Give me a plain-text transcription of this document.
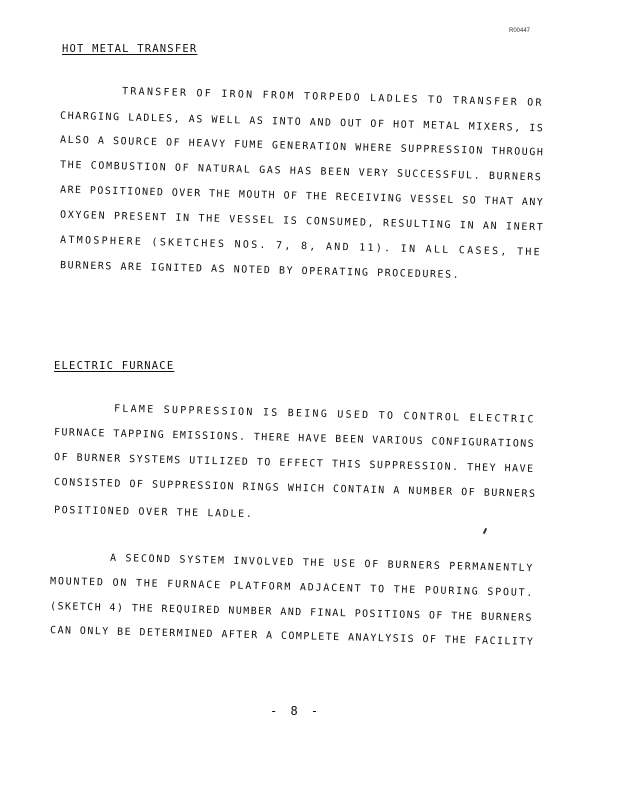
R00447
HOT METAL TRANSFER
TRANSFER OF IRON FROM TORPEDO LADLES TO TRANSFER OR
CHARGING LADLES, AS WELL AS INTO AND OUT OF HOT METAL MIXERS, IS
ALSO A SOURCE OF HEAVY FUME GENERATION WHERE SUPPRESSION THROUGH
THE COMBUSTION OF NATURAL GAS HAS BEEN VERY SUCCESSFUL. BURNERS
ARE POSITIONED OVER THE MOUTH OF THE RECEIVING VESSEL SO THAT ANY
OXYGEN PRESENT IN THE VESSEL IS CONSUMED, RESULTING IN AN INERT
ATMOSPHERE (SKETCHES NOS. 7, 8, AND 11). IN ALL CASES, THE
BURNERS ARE IGNITED AS NOTED BY OPERATING PROCEDURES.
ELECTRIC FURNACE
FLAME SUPPRESSION IS BEING USED TO CONTROL ELECTRIC
FURNACE TAPPING EMISSIONS. THERE HAVE BEEN VARIOUS CONFIGURATIONS
OF BURNER SYSTEMS UTILIZED TO EFFECT THIS SUPPRESSION. THEY HAVE
CONSISTED OF SUPPRESSION RINGS WHICH CONTAIN A NUMBER OF BURNERS
POSITIONED OVER THE LADLE.
A SECOND SYSTEM INVOLVED THE USE OF BURNERS PERMANENTLY
MOUNTED ON THE FURNACE PLATFORM ADJACENT TO THE POURING SPOUT.
(SKETCH 4) THE REQUIRED NUMBER AND FINAL POSITIONS OF THE BURNERS
CAN ONLY BE DETERMINED AFTER A COMPLETE ANAYLYSIS OF THE FACILITY
- 8 -
